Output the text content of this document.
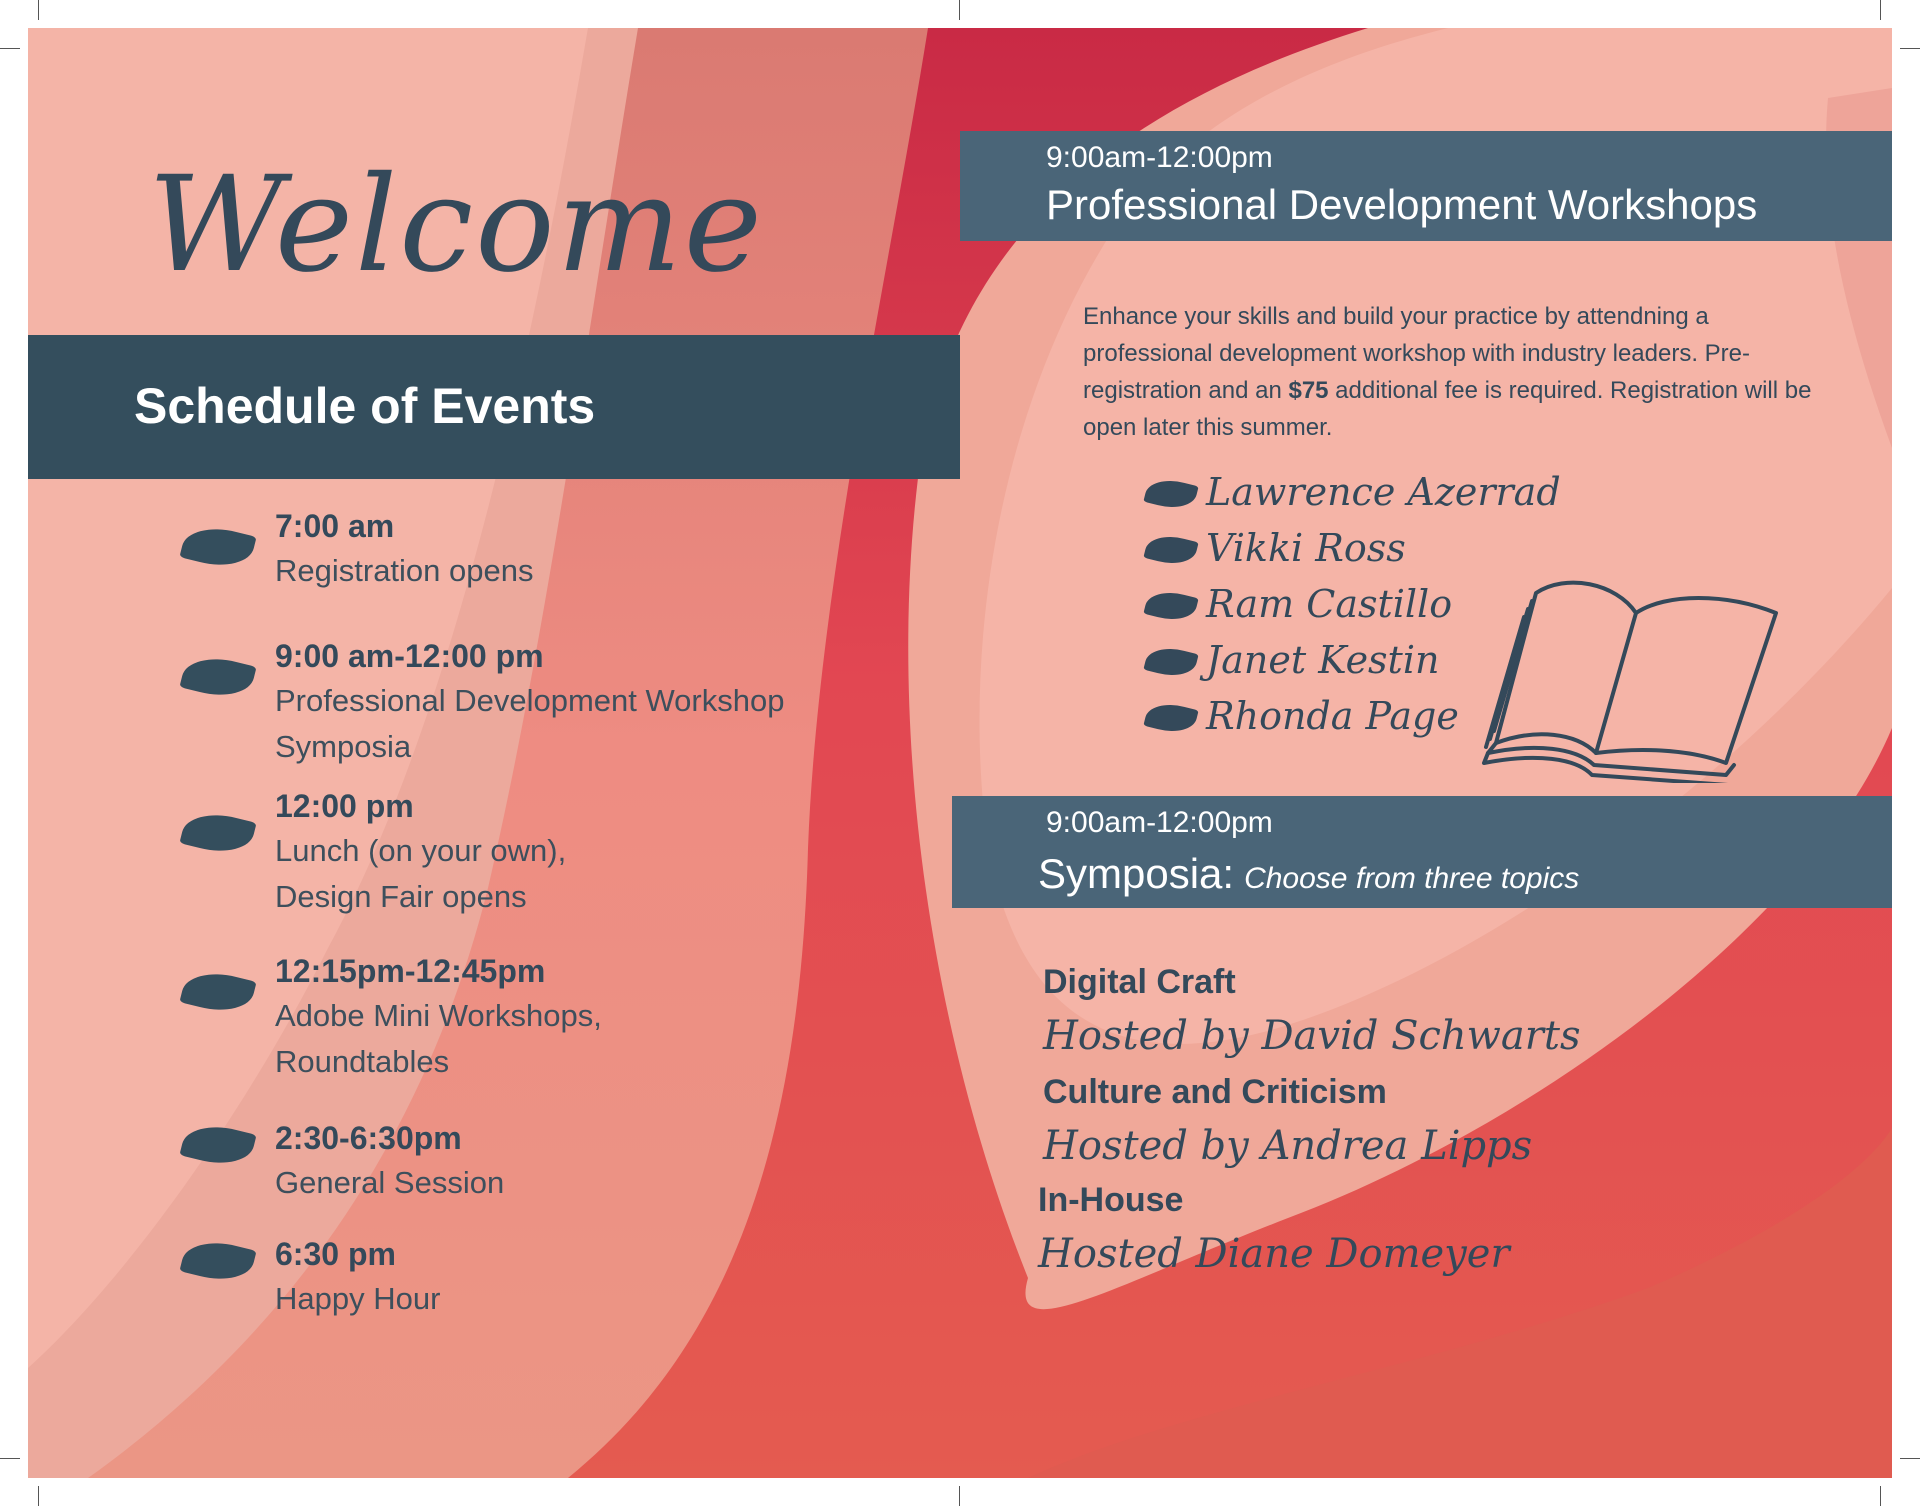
Welcome
Schedule of Events
7:00 am
Registration opens
9:00 am-12:00 pm
Professional Development Workshop
Symposia
12:00 pm
Lunch (on your own),
Design Fair opens
12:15pm-12:45pm
Adobe Mini Workshops,
Roundtables
2:30-6:30pm
General Session
6:30 pm
Happy Hour
9:00am-12:00pm
Professional Development Workshops

Enhance your skills and build your practice by attendning a professional development workshop with industry leaders. Pre-registration and an $75 additional fee is required. Registration will be open later this summer.

Lawrence Azerrad
Vikki Ross
Ram Castillo
Janet Kestin
Rhonda Page
9:00am-12:00pm
Symposia: Choose from three topics
Digital Craft
Hosted by David Schwarts
Culture and Criticism
Hosted by Andrea Lipps
In-House
Hosted Diane Domeyer
